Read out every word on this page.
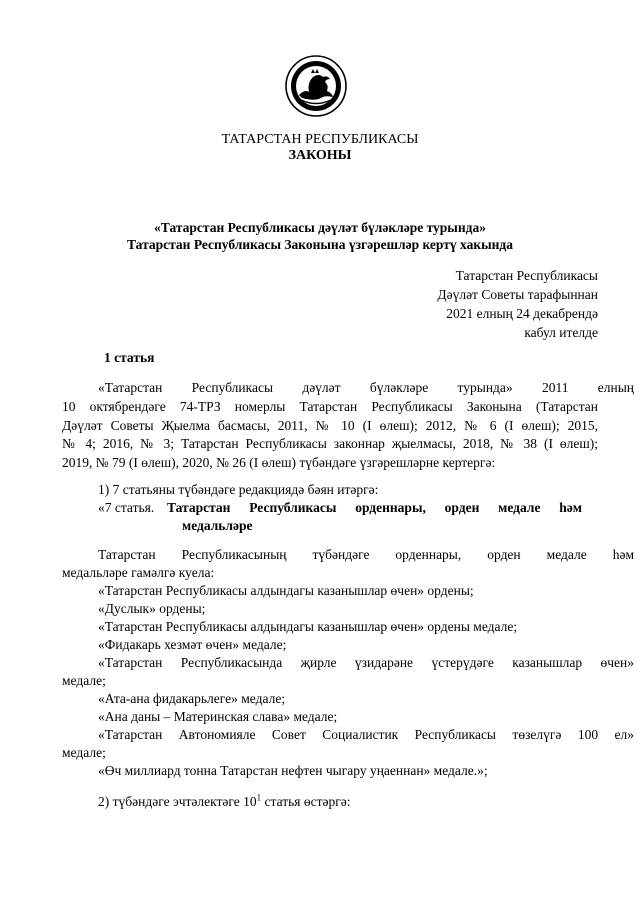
ТАТАРСТАН РЕСПУБЛИКАСЫ
ЗАКОНЫ
«Татарстан Республикасы дәүләт бүләкләре турында»
Татарстан Республикасы Законына үзгәрешләр кертү хакында
Татарстан Республикасы
Дәүләт Советы тарафыннан
2021 елның 24 декабрендә
кабул ителде
1 статья
«Татарстан Республикасы дәүләт бүләкләре турында» 2011 елның
10 октябрендәге 74-ТРЗ номерлы Татарстан Республикасы Законына (Татарстан
Дәүләт Советы Җыелма басмасы, 2011, № 10 (I өлеш); 2012, № 6 (I өлеш); 2015,
№ 4; 2016, № 3; Татарстан Республикасы законнар җыелмасы, 2018, № 38 (I өлеш);
2019, № 79 (I өлеш), 2020, № 26 (I өлеш) түбәндәге үзгәрешләрне кертергә:
1) 7 статьяны түбәндәге редакциядә бәян итәргә:
«7 статья. Татарстан Республикасы орденнары, орден медале һәм
медальләре
Татарстан Республикасының түбәндәге орденнары, орден медале һәм
медальләре гамәлгә куела:
«Татарстан Республикасы алдындагы казанышлар өчен» ордены;
«Дуслык» ордены;
«Татарстан Республикасы алдындагы казанышлар өчен» ордены медале;
«Фидакарь хезмәт өчен» медале;
«Татарстан Республикасында җирле үзидарәне үстерүдәге казанышлар өчен»
медале;
«Ата-ана фидакарьлеге» медале;
«Ана даны – Материнская слава» медале;
«Татарстан Автономияле Совет Социалистик Республикасы төзелүгә 100 ел»
медале;
«Өч миллиард тонна Татарстан нефтен чыгару уңаеннан» медале.»;
2) түбәндәге эчтәлектәге $10^1$ статья өстәргә:
